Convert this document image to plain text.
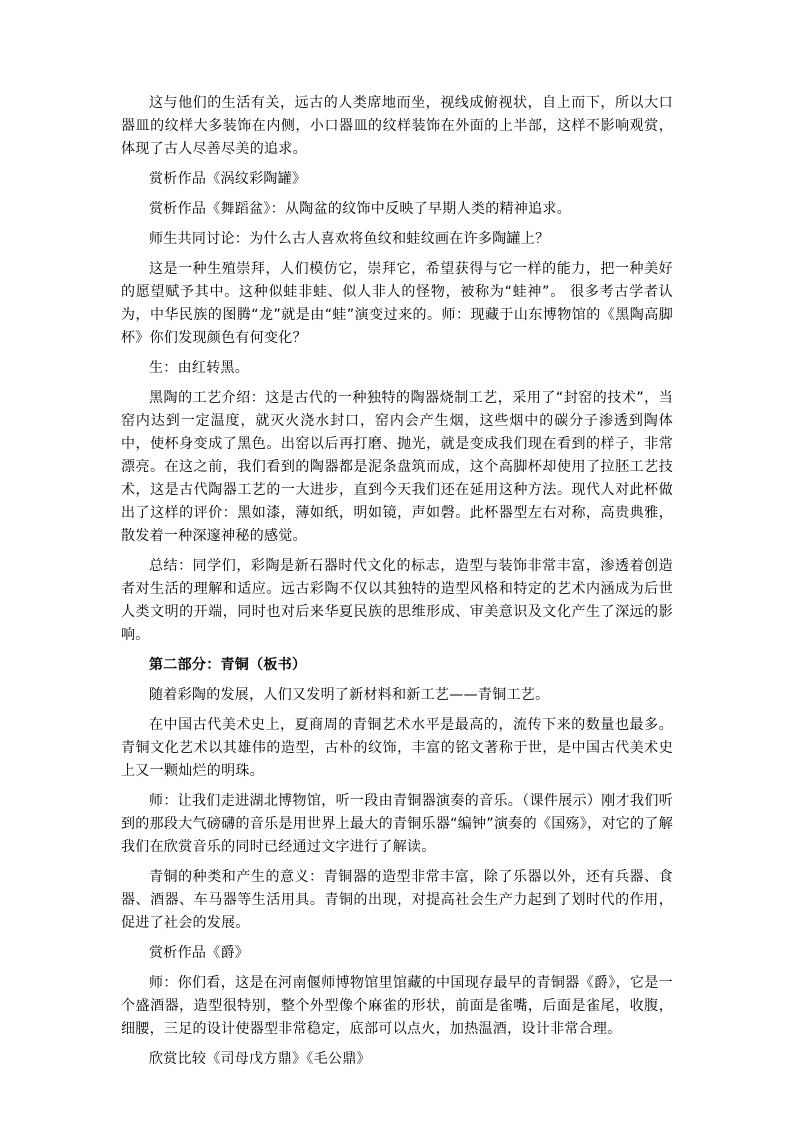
这与他们的生活有关，远古的人类席地而坐，视线成俯视状，自上而下，所以大口器皿的纹样大多装饰在内侧，小口器皿的纹样装饰在外面的上半部，这样不影响观赏，体现了古人尽善尽美的追求。

赏析作品《涡纹彩陶罐》

赏析作品《舞蹈盆》：从陶盆的纹饰中反映了早期人类的精神追求。

师生共同讨论：为什么古人喜欢将鱼纹和蛙纹画在许多陶罐上？

这是一种生殖崇拜，人们模仿它，崇拜它，希望获得与它一样的能力，把一种美好的愿望赋予其中。这种似蛙非蛙、似人非人的怪物，被称为“蛙神”。 很多考古学者认为，中华民族的图腾“龙”就是由“蛙”演变过来的。师：现藏于山东博物馆的《黑陶高脚杯》你们发现颜色有何变化？

生：由红转黑。

黑陶的工艺介绍：这是古代的一种独特的陶器烧制工艺，采用了“封窑的技术”，当窑内达到一定温度，就灭火浇水封口，窑内会产生烟，这些烟中的碳分子渗透到陶体中，使杯身变成了黑色。出窑以后再打磨、抛光，就是变成我们现在看到的样子，非常漂亮。在这之前，我们看到的陶器都是泥条盘筑而成，这个高脚杯却使用了拉胚工艺技术，这是古代陶器工艺的一大进步，直到今天我们还在延用这种方法。现代人对此杯做出了这样的评价：黑如漆，薄如纸，明如镜，声如磬。此杯器型左右对称，高贵典雅，散发着一种深邃神秘的感觉。

总结：同学们，彩陶是新石器时代文化的标志，造型与装饰非常丰富，渗透着创造者对生活的理解和适应。远古彩陶不仅以其独特的造型风格和特定的艺术内涵成为后世人类文明的开端，同时也对后来华夏民族的思维形成、审美意识及文化产生了深远的影响。

第二部分：青铜（板书）

随着彩陶的发展，人们又发明了新材料和新工艺——青铜工艺。

在中国古代美术史上，夏商周的青铜艺术水平是最高的，流传下来的数量也最多。青铜文化艺术以其雄伟的造型，古朴的纹饰，丰富的铭文著称于世，是中国古代美术史上又一颗灿烂的明珠。

师：让我们走进湖北博物馆，听一段由青铜器演奏的音乐。（课件展示）刚才我们听到的那段大气磅礴的音乐是用世界上最大的青铜乐器“编钟”演奏的《国殇》，对它的了解我们在欣赏音乐的同时已经通过文字进行了解读。

青铜的种类和产生的意义：青铜器的造型非常丰富，除了乐器以外，还有兵器、食器、酒器、车马器等生活用具。青铜的出现，对提高社会生产力起到了划时代的作用，促进了社会的发展。

赏析作品《爵》

师：你们看，这是在河南偃师博物馆里馆藏的中国现存最早的青铜器《爵》，它是一个盛酒器，造型很特别，整个外型像个麻雀的形状，前面是雀嘴，后面是雀尾，收腹，细腰，三足的设计使器型非常稳定，底部可以点火，加热温酒，设计非常合理。

欣赏比较《司母戊方鼎》《毛公鼎》
